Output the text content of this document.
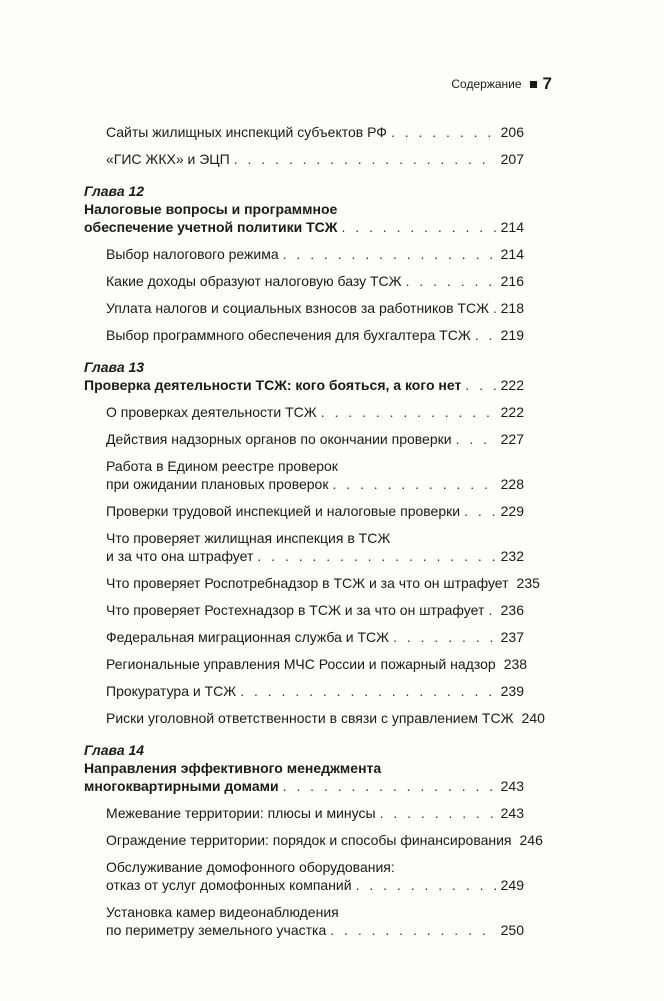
Содержание 7
Сайты жилищных инспекций субъектов РФ . . .	206
«ГИС ЖКХ» и ЭЦП . . .	207
Глава 12
Налоговые вопросы и программное
обеспечение учетной политики ТСЖ . . .	214
Выбор налогового режима . . .	214
Какие доходы образуют налоговую базу ТСЖ . . .	216
Уплата налогов и социальных взносов за работников ТСЖ . . . 218
Выбор программного обеспечения для бухгалтера ТСЖ . . . 219
Глава 13
Проверка деятельности ТСЖ: кого бояться, а кого нет . . .	222
О проверках деятельности ТСЖ . . .	222
Действия надзорных органов по окончании проверки . . .	227
Работа в Едином реестре проверок
при ожидании плановых проверок . . .	228
Проверки трудовой инспекцией и налоговые проверки . . .	229
Что проверяет жилищная инспекция в ТСЖ
и за что она штрафует . . .	232
Что проверяет Роспотребнадзор в ТСЖ и за что он штрафует 235
Что проверяет Ростехнадзор в ТСЖ и за что он штрафует . . . 236
Федеральная миграционная служба и ТСЖ . . .	237
Региональные управления МЧС России и пожарный надзор 238
Прокуратура и ТСЖ . . .	239
Риски уголовной ответственности в связи с управлением ТСЖ 240
Глава 14
Направления эффективного менеджмента
многоквартирными домами . . .	243
Межевание территории: плюсы и минусы . . .	243
Ограждение территории: порядок и способы финансирования 246
Обслуживание домофонного оборудования:
отказ от услуг домофонных компаний . . .	249
Установка камер видеонаблюдения
по периметру земельного участка . . .	250
